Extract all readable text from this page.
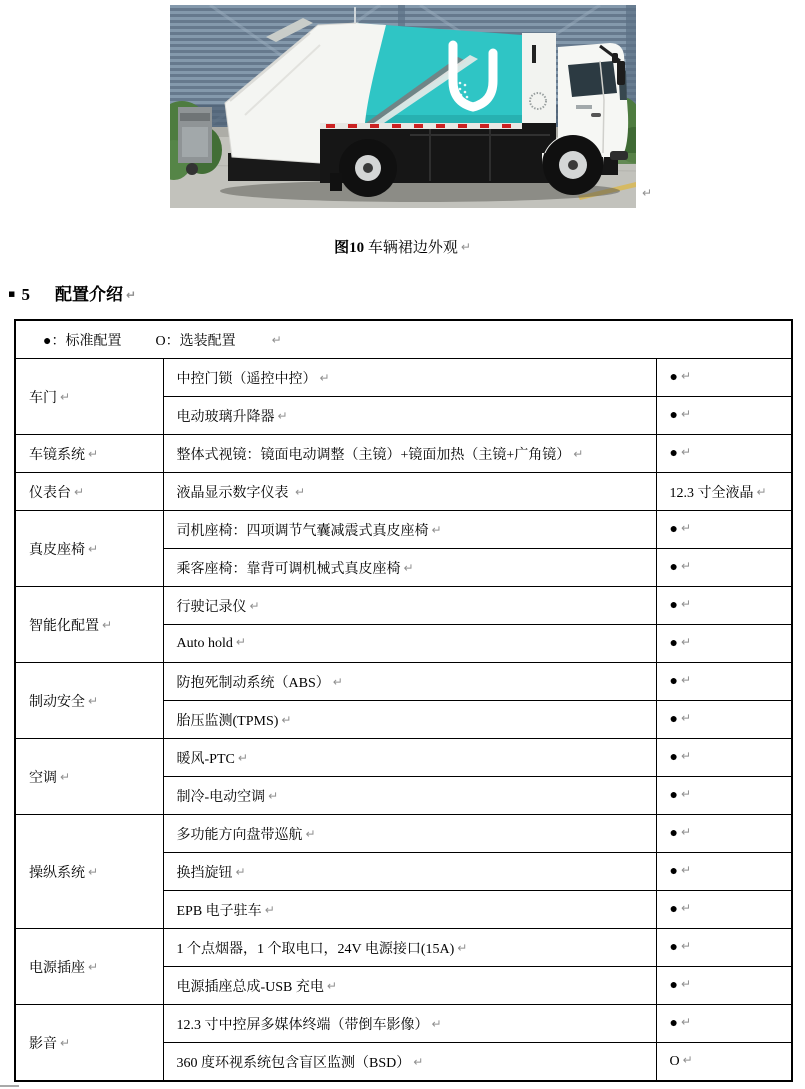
↵
图10 车辆裙边外观 ↵
▪ 5 配置介绍 ↵
●：标准配置 O：选装配置 ↵		
车门 ↵	中控门锁（遥控中控） ↵	● ↵
	电动玻璃升降器 ↵	● ↵
车镜系统 ↵	整体式视镜：镜面电动调整（主镜）+镜面加热（主镜+广角镜） ↵	● ↵
仪表台 ↵	液晶显示数字仪表 ↵	12.3 寸全液晶 ↵
真皮座椅 ↵	司机座椅：四项调节气囊减震式真皮座椅 ↵	● ↵
	乘客座椅：靠背可调机械式真皮座椅 ↵	● ↵
智能化配置 ↵	行驶记录仪 ↵	● ↵
	Auto hold ↵	● ↵
制动安全 ↵	防抱死制动系统（ABS） ↵	● ↵
	胎压监测(TPMS) ↵	● ↵
空调 ↵	暖风-PTC ↵	● ↵
	制冷-电动空调 ↵	● ↵
操纵系统 ↵	多功能方向盘带巡航 ↵	● ↵
	换挡旋钮 ↵	● ↵
	EPB 电子驻车 ↵	● ↵
电源插座 ↵	1 个点烟器，1 个取电口，24V 电源接口(15A) ↵	● ↵
	电源插座总成-USB 充电 ↵	● ↵
影音 ↵	12.3 寸中控屏多媒体终端（带倒车影像） ↵	● ↵
	360 度环视系统包含盲区监测（BSD） ↵	O ↵
